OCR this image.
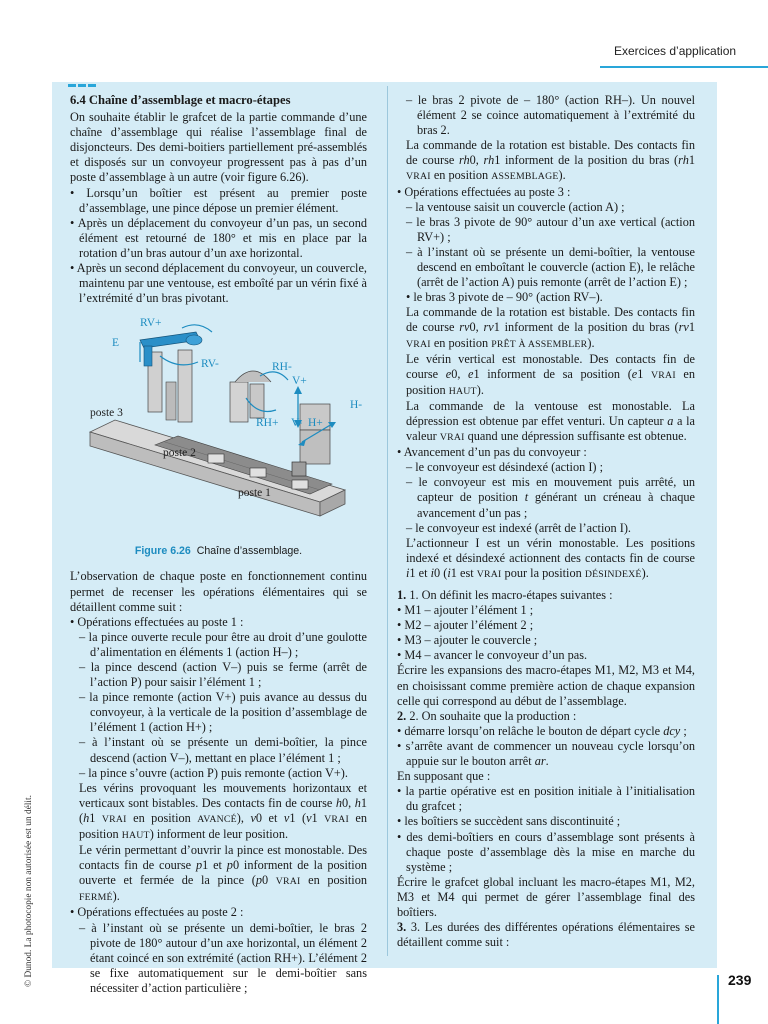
Exercices d’application

6.4 Chaîne d’assemblage et macro-étapes

On souhaite établir le grafcet de la partie commande d’une chaîne d’assemblage qui réalise l’assemblage final de disjoncteurs. Des demi-boitiers partiellement pré-assemblés et disposés sur un convoyeur progressent pas à pas d’un poste d’assemblage à un autre (voir figure 6.26).

• Lorsqu’un boîtier est présent au premier poste d’assemblage, une pince dépose un premier élément.

• Après un déplacement du convoyeur d’un pas, un second élément est retourné de 180° et mis en place par la rotation d’un bras autour d’un axe horizontal.

• Après un second déplacement du convoyeur, un couvercle, maintenu par une ventouse, est emboîté par un vérin fixé à l’extrémité d’un bras pivotant.

RV+
E
RV-	RH-
V+
H-
poste 3
RH+ V- H+
poste 2
poste 1

Figure 6.26 Chaîne d’assemblage.

L’observation de chaque poste en fonctionnement continu permet de recenser les opérations élémentaires qui se détaillent comme suit :

• Opérations effectuées au poste 1 :

– la pince ouverte recule pour être au droit d’une goulotte d’alimentation en éléments 1 (action H–) ;

– la pince descend (action V–) puis se ferme (arrêt de l’action P) pour saisir l’élément 1 ;

– la pince remonte (action V+) puis avance au dessus du convoyeur, à la verticale de la position d’assemblage de l’élément 1 (action H+) ;

– à l’instant où se présente un demi-boîtier, la pince descend (action V–), mettant en place l’élément 1 ;

– la pince s’ouvre (action P) puis remonte (action V+).

Les vérins provoquant les mouvements horizontaux et verticaux sont bistables. Des contacts fin de course h0, h1 (h1 VRAI en position AVANCÉ), v0 et v1 (v1 VRAI en position HAUT) informent de leur position.

Le vérin permettant d’ouvrir la pince est monostable. Des contacts fin de course p1 et p0 informent de la position ouverte et fermée de la pince (p0 VRAI en position FERMÉ).

• Opérations effectuées au poste 2 :

– à l’instant où se présente un demi-boîtier, le bras 2 pivote de 180° autour d’un axe horizontal, un élément 2 étant coincé en son extrémité (action RH+). L’élément 2 se fixe automatiquement sur le demi-boîtier sans nécessiter d’action particulière ;

– le bras 2 pivote de – 180° (action RH–). Un nouvel élément 2 se coince automatiquement à l’extrémité du bras 2.

La commande de la rotation est bistable. Des contacts fin de course rh0, rh1 informent de la position du bras (rh1 VRAI en position ASSEMBLAGE).

• Opérations effectuées au poste 3 :

– la ventouse saisit un couvercle (action A) ;

– le bras 3 pivote de 90° autour d’un axe vertical (action RV+) ;

– à l’instant où se présente un demi-boîtier, la ventouse descend en emboîtant le couvercle (action E), le relâche (arrêt de l’action A) puis remonte (arrêt de l’action E) ;

• le bras 3 pivote de – 90° (action RV–).

La commande de la rotation est bistable. Des contacts fin de course rv0, rv1 informent de la position du bras (rv1 VRAI en position PRÊT À ASSEMBLER).

Le vérin vertical est monostable. Des contacts fin de course e0, e1 informent de sa position (e1 VRAI en position HAUT).

La commande de la ventouse est monostable. La dépression est obtenue par effet venturi. Un capteur a a la valeur VRAI quand une dépression suffisante est obtenue.

• Avancement d’un pas du convoyeur :

– le convoyeur est désindexé (action I) ;

– le convoyeur est mis en mouvement puis arrêté, un capteur de position t générant un créneau à chaque avancement d’un pas ;

– le convoyeur est indexé (arrêt de l’action I).

L’actionneur I est un vérin monostable. Les positions indexé et désindexé actionnent des contacts fin de course i1 et i0 (i1 est VRAI pour la position DÉSINDEXÉ).

1. 1. On définit les macro-étapes suivantes :

• M1 – ajouter l’élément 1 ;

• M2 – ajouter l’élément 2 ;

• M3 – ajouter le couvercle ;

• M4 – avancer le convoyeur d’un pas.

Écrire les expansions des macro-étapes M1, M2, M3 et M4, en choisissant comme première action de chaque expansion celle qui correspond au début de l’assemblage.

2. 2. On souhaite que la production :

• démarre lorsqu’on relâche le bouton de départ cycle dcy ;

• s’arrête avant de commencer un nouveau cycle lorsqu’on appuie sur le bouton arrêt ar.

En supposant que :

• la partie opérative est en position initiale à l’initialisation du grafcet ;

• les boîtiers se succèdent sans discontinuité ;

• des demi-boîtiers en cours d’assemblage sont présents à chaque poste d’assemblage dès la mise en marche du système ;

Écrire le grafcet global incluant les macro-étapes M1, M2, M3 et M4 qui permet de gérer l’assemblage final des boîtiers.

3. 3. Les durées des différentes opérations élémentaires se détaillent comme suit :

© Dunod. La photocopie non autorisée est un délit.	239
